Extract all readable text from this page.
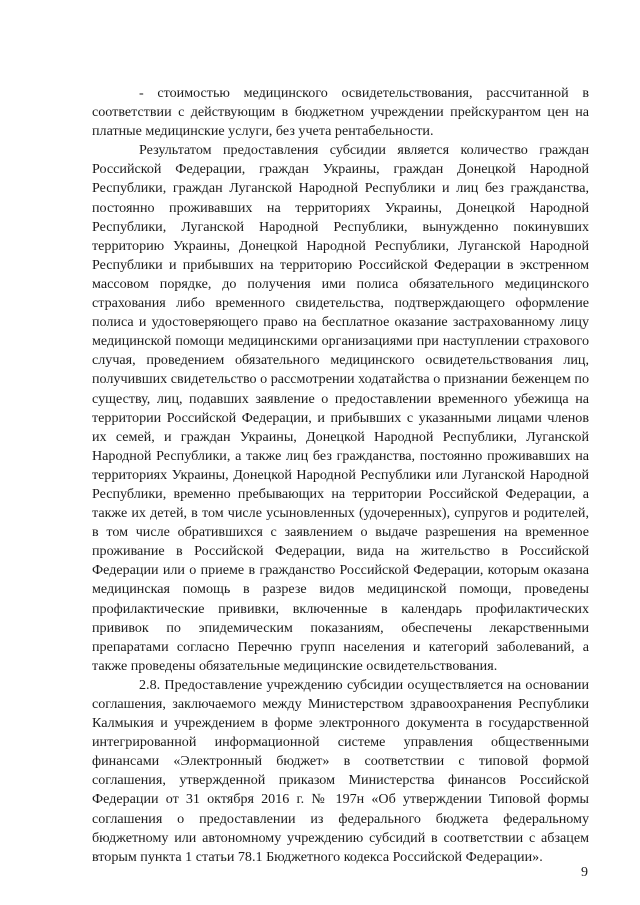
- стоимостью медицинского освидетельствования, рассчитанной в соответствии с действующим в бюджетном учреждении прейскурантом цен на платные медицинские услуги, без учета рентабельности.

Результатом предоставления субсидии является количество граждан Российской Федерации, граждан Украины, граждан Донецкой Народной Республики, граждан Луганской Народной Республики и лиц без гражданства, постоянно проживавших на территориях Украины, Донецкой Народной Республики, Луганской Народной Республики, вынужденно покинувших территорию Украины, Донецкой Народной Республики, Луганской Народной Республики и прибывших на территорию Российской Федерации в экстренном массовом порядке, до получения ими полиса обязательного медицинского страхования либо временного свидетельства, подтверждающего оформление полиса и удостоверяющего право на бесплатное оказание застрахованному лицу медицинской помощи медицинскими организациями при наступлении страхового случая, проведением обязательного медицинского освидетельствования лиц, получивших свидетельство о рассмотрении ходатайства о признании беженцем по существу, лиц, подавших заявление о предоставлении временного убежища на территории Российской Федерации, и прибывших с указанными лицами членов их семей, и граждан Украины, Донецкой Народной Республики, Луганской Народной Республики, а также лиц без гражданства, постоянно проживавших на территориях Украины, Донецкой Народной Республики или Луганской Народной Республики, временно пребывающих на территории Российской Федерации, а также их детей, в том числе усыновленных (удочеренных), супругов и родителей, в том числе обратившихся с заявлением о выдаче разрешения на временное проживание в Российской Федерации, вида на жительство в Российской Федерации или о приеме в гражданство Российской Федерации, которым оказана медицинская помощь в разрезе видов медицинской помощи, проведены профилактические прививки, включенные в календарь профилактических прививок по эпидемическим показаниям, обеспечены лекарственными препаратами согласно Перечню групп населения и категорий заболеваний, а также проведены обязательные медицинские освидетельствования.

2.8. Предоставление учреждению субсидии осуществляется на основании соглашения, заключаемого между Министерством здравоохранения Республики Калмыкия и учреждением в форме электронного документа в государственной интегрированной информационной системе управления общественными финансами «Электронный бюджет» в соответствии с типовой формой соглашения, утвержденной приказом Министерства финансов Российской Федерации от 31 октября 2016 г. № 197н «Об утверждении Типовой формы соглашения о предоставлении из федерального бюджета федеральному бюджетному или автономному учреждению субсидий в соответствии с абзацем вторым пункта 1 статьи 78.1 Бюджетного кодекса Российской Федерации».

9
